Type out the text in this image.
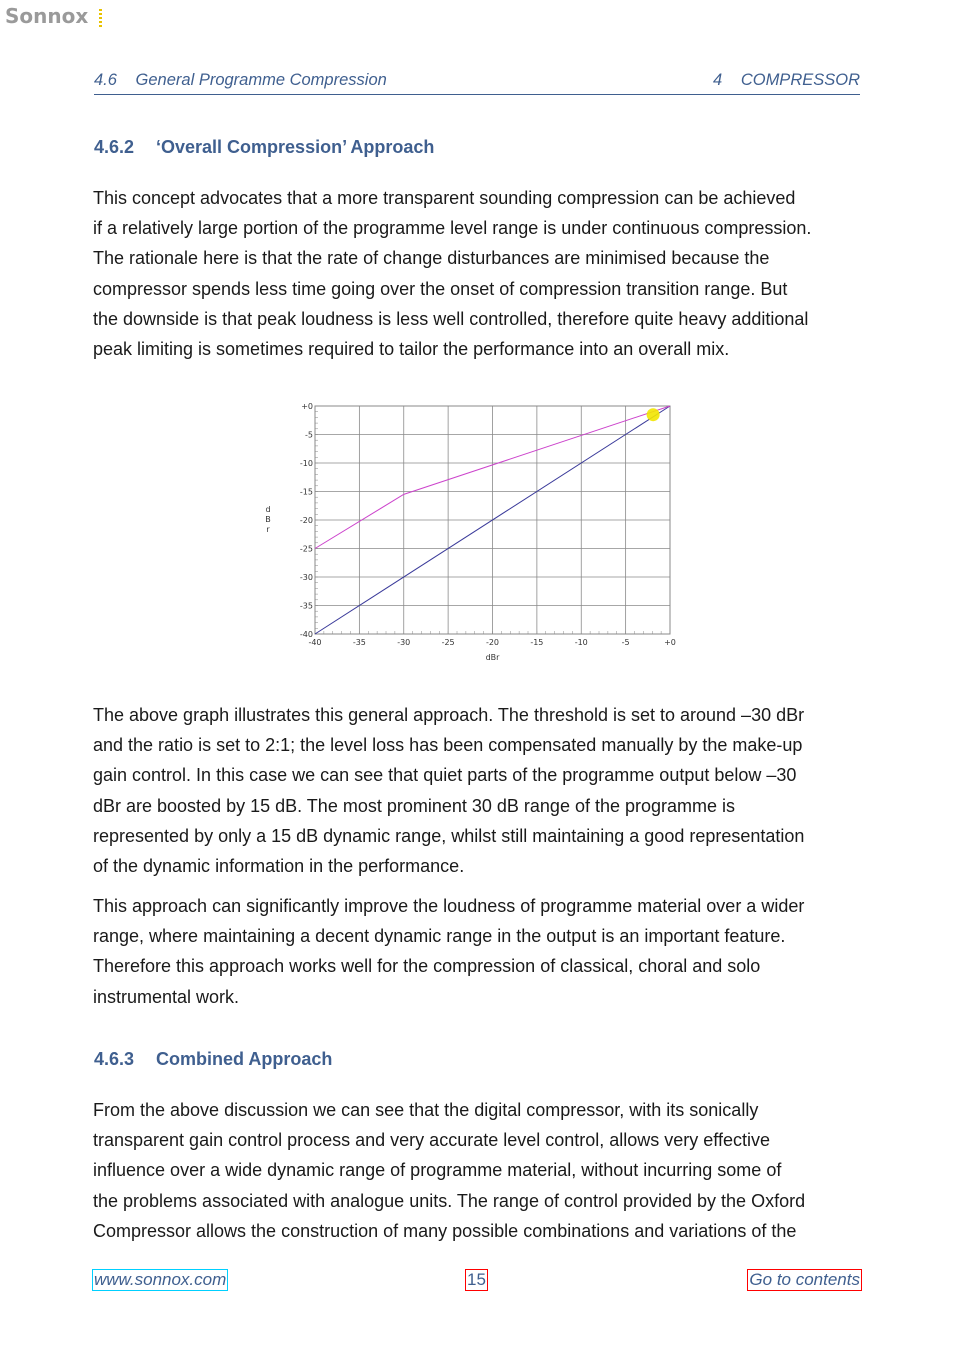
Sonnox
4.6 General Programme Compression	4 COMPRESSOR
4.6.2 ‘Overall Compression’ Approach
This concept advocates that a more transparent sounding compression can be achieved
if a relatively large portion of the programme level range is under continuous compression.
The rationale here is that the rate of change disturbances are minimised because the
compressor spends less time going over the onset of compression transition range. But
the downside is that peak loudness is less well controlled, therefore quite heavy additional
peak limiting is sometimes required to tailor the performance into an overall mix.
+0
-5
-10
-15
-20
-25
-30
-35
-40
-40	-35	-30	-25	-20	-15	-10	-5	+0
dBr
d B r
The above graph illustrates this general approach. The threshold is set to around –30 dBr
and the ratio is set to 2:1; the level loss has been compensated manually by the make-up
gain control. In this case we can see that quiet parts of the programme output below –30
dBr are boosted by 15 dB. The most prominent 30 dB range of the programme is
represented by only a 15 dB dynamic range, whilst still maintaining a good representation
of the dynamic information in the performance.
This approach can significantly improve the loudness of programme material over a wider
range, where maintaining a decent dynamic range in the output is an important feature.
Therefore this approach works well for the compression of classical, choral and solo
instrumental work.
4.6.3 Combined Approach
From the above discussion we can see that the digital compressor, with its sonically
transparent gain control process and very accurate level control, allows very effective
influence over a wide dynamic range of programme material, without incurring some of
the problems associated with analogue units. The range of control provided by the Oxford
Compressor allows the construction of many possible combinations and variations of the
www.sonnox.com	15	Go to contents
